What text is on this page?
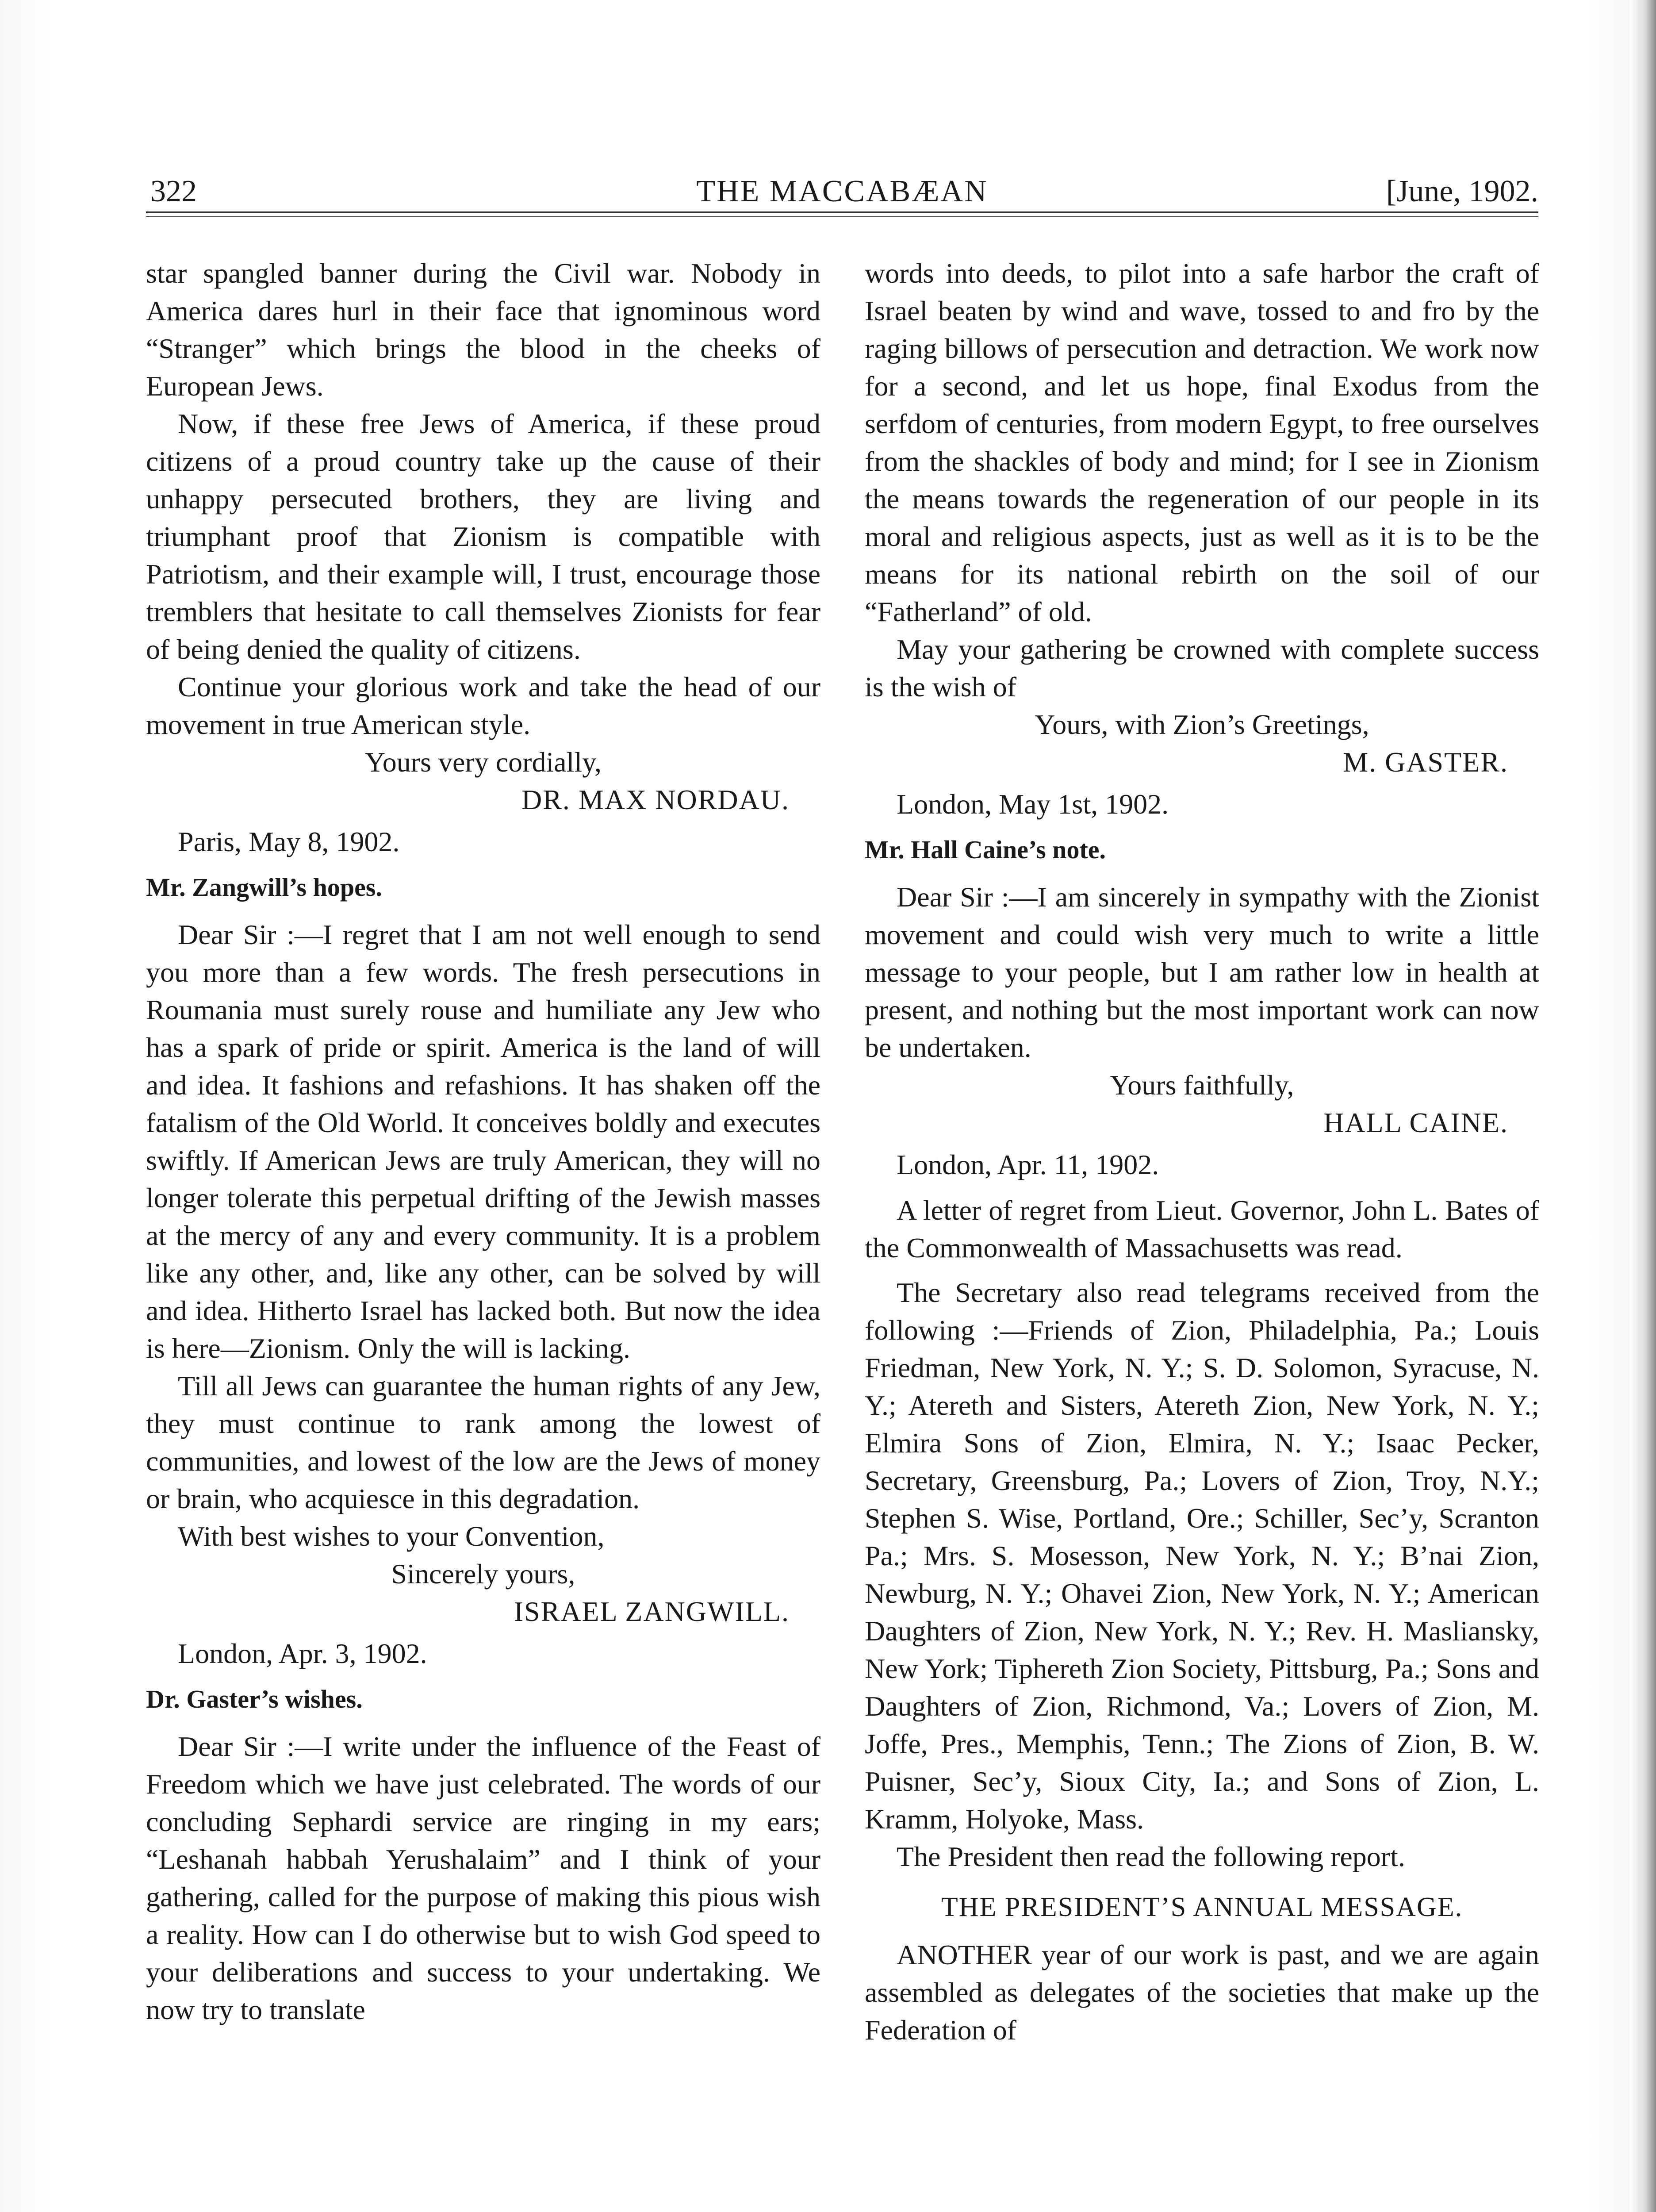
322	THE MACCABÆAN	[June, 1902.

star spangled banner during the Civil war. Nobody in America dares hurl in their face that ignominous word “Stranger” which brings the blood in the cheeks of European Jews.

Now, if these free Jews of America, if these proud citizens of a proud country take up the cause of their unhappy persecuted brothers, they are living and triumphant proof that Zionism is compatible with Patriotism, and their example will, I trust, encourage those tremblers that hesitate to call themselves Zionists for fear of being denied the quality of citizens.

Continue your glorious work and take the head of our movement in true American style.

Yours very cordially,
DR. MAX NORDAU.
Paris, May 8, 1902.
Mr. Zangwill’s hopes.

Dear Sir :—I regret that I am not well enough to send you more than a few words. The fresh persecutions in Roumania must surely rouse and humiliate any Jew who has a spark of pride or spirit. America is the land of will and idea. It fashions and refashions. It has shaken off the fatalism of the Old World. It conceives boldly and executes swiftly. If American Jews are truly American, they will no longer tolerate this perpetual drifting of the Jewish masses at the mercy of any and every community. It is a problem like any other, and, like any other, can be solved by will and idea. Hitherto Israel has lacked both. But now the idea is here—Zionism. Only the will is lacking.

Till all Jews can guarantee the human rights of any Jew, they must continue to rank among the lowest of communities, and lowest of the low are the Jews of money or brain, who acquiesce in this degradation.

With best wishes to your Convention,

Sincerely yours,
ISRAEL ZANGWILL.
London, Apr. 3, 1902.
Dr. Gaster’s wishes.

Dear Sir :—I write under the influence of the Feast of Freedom which we have just celebrated. The words of our concluding Sephardi service are ringing in my ears; “Leshanah habbah Yerushalaim” and I think of your gathering, called for the purpose of making this pious wish a reality. How can I do otherwise but to wish God speed to your deliberations and success to your undertaking. We now try to translate

words into deeds, to pilot into a safe harbor the craft of Israel beaten by wind and wave, tossed to and fro by the raging billows of persecution and detraction. We work now for a second, and let us hope, final Exodus from the serfdom of centuries, from modern Egypt, to free ourselves from the shackles of body and mind; for I see in Zionism the means towards the regeneration of our people in its moral and religious aspects, just as well as it is to be the means for its national rebirth on the soil of our “Fatherland” of old.

May your gathering be crowned with complete success is the wish of

Yours, with Zion’s Greetings,
M. GASTER.
London, May 1st, 1902.
Mr. Hall Caine’s note.

Dear Sir :—I am sincerely in sympathy with the Zionist movement and could wish very much to write a little message to your people, but I am rather low in health at present, and nothing but the most important work can now be undertaken.

Yours faithfully,
HALL CAINE.
London, Apr. 11, 1902.

A letter of regret from Lieut. Governor, John L. Bates of the Commonwealth of Massachusetts was read.

The Secretary also read telegrams received from the following :—Friends of Zion, Philadelphia, Pa.; Louis Friedman, New York, N. Y.; S. D. Solomon, Syracuse, N. Y.; Atereth and Sisters, Atereth Zion, New York, N. Y.; Elmira Sons of Zion, Elmira, N. Y.; Isaac Pecker, Secretary, Greensburg, Pa.; Lovers of Zion, Troy, N.Y.; Stephen S. Wise, Portland, Ore.; Schiller, Sec’y, Scranton Pa.; Mrs. S. Mosesson, New York, N. Y.; B’nai Zion, Newburg, N. Y.; Ohavei Zion, New York, N. Y.; American Daughters of Zion, New York, N. Y.; Rev. H. Masliansky, New York; Tiphereth Zion Society, Pittsburg, Pa.; Sons and Daughters of Zion, Richmond, Va.; Lovers of Zion, M. Joffe, Pres., Memphis, Tenn.; The Zions of Zion, B. W. Puisner, Sec’y, Sioux City, Ia.; and Sons of Zion, L. Kramm, Holyoke, Mass.

The President then read the following report.

THE PRESIDENT’S ANNUAL MESSAGE.

ANOTHER year of our work is past, and we are again assembled as delegates of the societies that make up the Federation of
